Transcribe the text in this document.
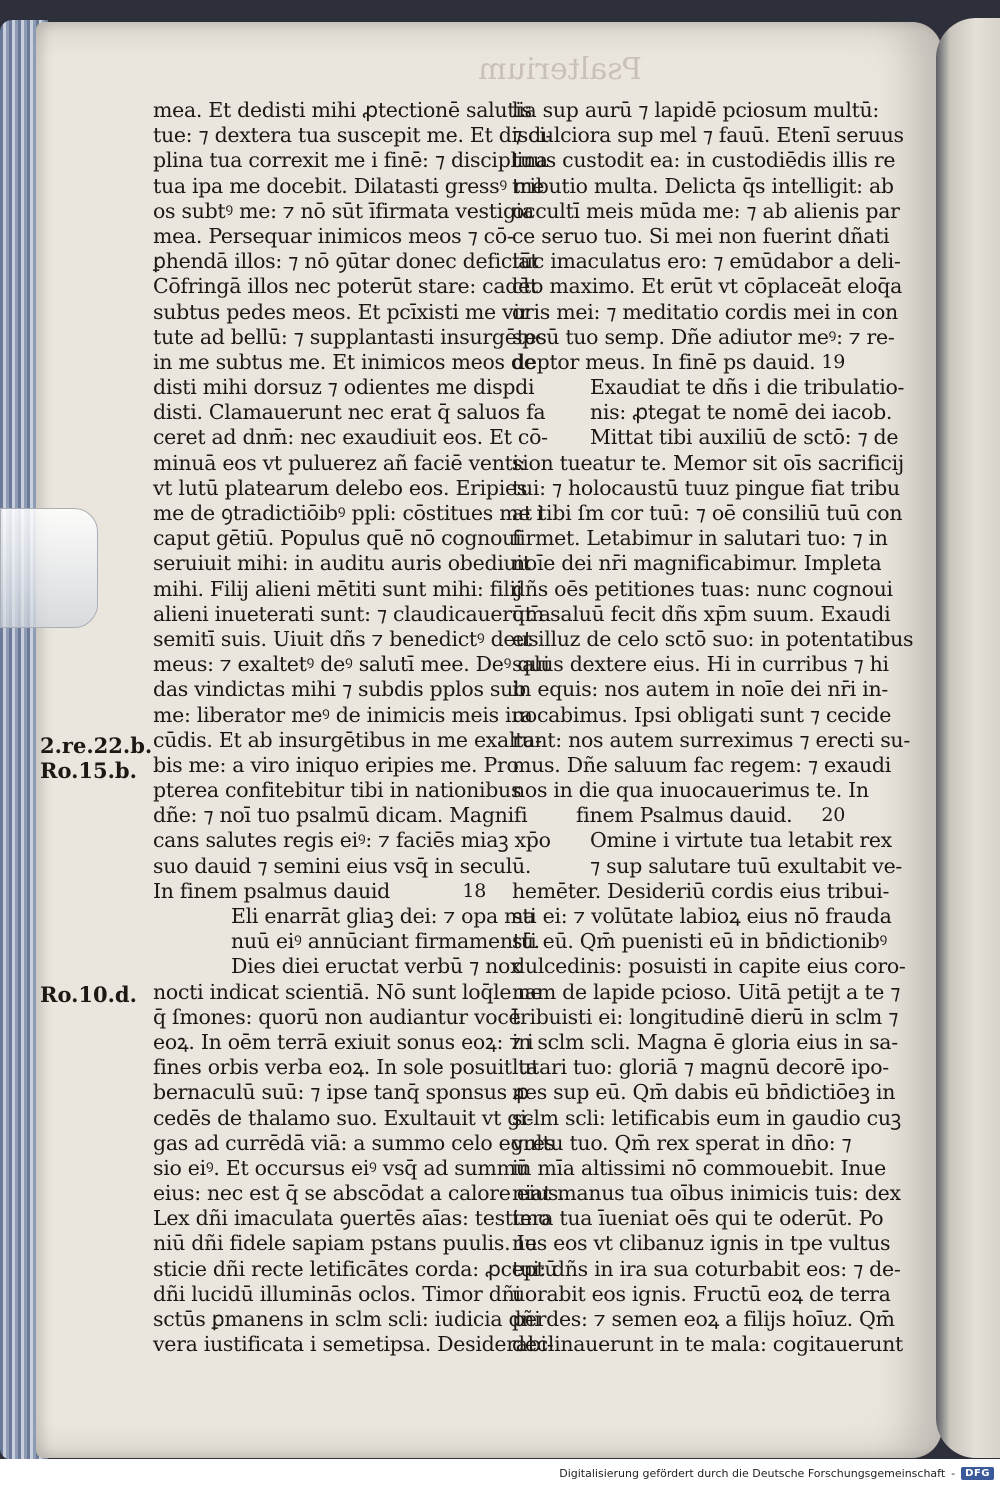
Psalterium
2.re.22.b.
Ro.15.b.
Ro.10.d.
mea. Et dedisti mihi ꝓtectionē salutis
tue: ⁊ dextera tua suscepit me. Et disci-
plina tua correxit me i finē: ⁊ disciplina
tua ipa me docebit. Dilatasti gressꝰ me
os subtꝰ me: ⁊ nō sūt īfirmata vestigia
mea. Persequar inimicos meos ⁊ cō-
ꝑhendā illos: ⁊ nō ꝯūtar donec deficiāt
Cōfringā illos nec poterūt stare: cadēt
subtus pedes meos. Et pcīxisti me vir
tute ad bellū: ⁊ supplantasti insurgētes
in me subtus me. Et inimicos meos de
disti mihi dorsuz ⁊ odientes me dispdi
disti. Clamauerunt nec erat q̄ saluos fa
ceret ad dnm̄: nec exaudiuit eos. Et cō-
minuā eos vt puluerez añ faciē venti:
vt lutū platearum delebo eos. Eripies
me de ꝯtradictiōibꝰ ppli: cōstitues me i
caput gētiū. Populus quē nō cognoui
seruiuit mihi: in auditu auris obediuit
mihi. Filij alieni mētiti sunt mihi: filij
alieni inueterati sunt: ⁊ claudicauerūt a
semitī suis. Uiuit dñs ⁊ benedictꝰ deus
meus: ⁊ exaltetꝰ deꝰ salutī mee. Deꝰ qui
das vindictas mihi ⁊ subdis pplos sub
me: liberator meꝰ de inimicis meis ira
cūdis. Et ab insurgētibus in me exalta-
bis me: a viro iniquo eripies me. Pro
pterea confitebitur tibi in nationibus
dñe: ⁊ noī tuo psalmū dicam. Magnifi
cans salutes regis eiꝰ: ⁊ faciēs miaꝫ xp̄o
suo dauid ⁊ semini eius vsq̄ in seculū.
In finem psalmus dauid	18
Eli enarrāt gliaꝫ dei: ⁊ opa ma
nuū eiꝰ annūciant firmamentū.
Dies diei eructat verbū ⁊ nox
nocti indicat scientiā. Nō sunt loq̄le ne
q̄ ſmones: quorū non audiantur vocē
eoꝝ. In oēm terrā exiuit sonus eoꝝ: ⁊ i
fines orbis verba eoꝝ. In sole posuit ta
bernaculū suū: ⁊ ipse tanq̄ sponsus ꝓ
cedēs de thalamo suo. Exultauit vt gi-
gas ad currēdā viā: a summo celo egres
sio eiꝰ. Et occursus eiꝰ vsq̄ ad summū
eius: nec est q̄ se abscōdat a calore eius.
Lex dñi imaculata ꝯuertēs aīas: testimo
niū dñi fidele sapiam pstans puulis. Iu
sticie dñi recte letificātes corda: ꝓceptū
dñi lucidū illuminās oclos. Timor dñi
sctūs ꝑmanens in sclm scli: iudicia dñi
vera iustificata i semetipsa. Desiderabi-
lia sup aurū ⁊ lapidē pciosum multū:
⁊ dulciora sup mel ⁊ fauū. Etenī seruus
tuus custodit ea: in custodiēdis illis re
tributio multa. Delicta q̄s intelligit: ab
occultī meis mūda me: ⁊ ab alienis par
ce seruo tuo. Si mei non fuerint dñati
tūc imaculatus ero: ⁊ emūdabor a deli-
cto maximo. Et erūt vt cōplaceāt eloq̄a
oris mei: ⁊ meditatio cordis mei in con
spcū tuo semp. Dñe adiutor meꝰ: ⁊ re-
deptor meus. In finē ps dauid. 19
Exaudiat te dñs i die tribulatio-
nis: ꝓtegat te nomē dei iacob.
Mittat tibi auxiliū de sctō: ⁊ de
sion tueatur te. Memor sit oīs sacrificij
tui: ⁊ holocaustū tuuz pingue fiat tribu
at tibi ſm cor tuū: ⁊ oē consiliū tuū con
firmet. Letabimur in salutari tuo: ⁊ in
noīe dei nr̄i magnificabimur. Impleta
dñs oēs petitiones tuas: nunc cognoui
qm̄ saluū fecit dñs xp̄m suum. Exaudi
et illuz de celo sctō suo: in potentatibus
salus dextere eius. Hi in curribus ⁊ hi
in equis: nos autem in noīe dei nr̄i in-
uocabimus. Ipsi obligati sunt ⁊ cecide
runt: nos autem surreximus ⁊ erecti su-
mus. Dñe saluum fac regem: ⁊ exaudi
nos in die qua inuocauerimus te. In
finem Psalmus dauid. 20
Omine i virtute tua letabit rex
⁊ sup salutare tuū exultabit ve-
hemēter. Desideriū cordis eius tribui-
sti ei: ⁊ volūtate labioꝝ eius nō frauda
sti eū. Qm̄ puenisti eū in bn̄dictionibꝰ
dulcedinis: posuisti in capite eius coro-
nam de lapide pcioso. Uitā petijt a te ⁊
tribuisti ei: longitudinē dierū in sclm ⁊
in sclm scli. Magna ē gloria eius in sa-
lutari tuo: gloriā ⁊ magnū decorē ipo-
nes sup eū. Qm̄ dabis eū bn̄dictiōeꝫ in
sclm scli: letificabis eum in gaudio cuꝫ
vultu tuo. Qm̄ rex sperat in dn̄o: ⁊
in mīa altissimi nō commouebit. Inue
niat manus tua oībus inimicis tuis: dex
tera tua īueniat oēs qui te oderūt. Po
nes eos vt clibanuz ignis in tpe vultus
tui: dñs in ira sua coturbabit eos: ⁊ de-
uorabit eos ignis. Fructū eoꝝ de terra
perdes: ⁊ semen eoꝝ a filijs hoīuz. Qm̄
declinauerunt in te mala: cogitauerunt
Digitalisierung gefördert durch die Deutsche Forschungsgemeinschaft -	DFG
